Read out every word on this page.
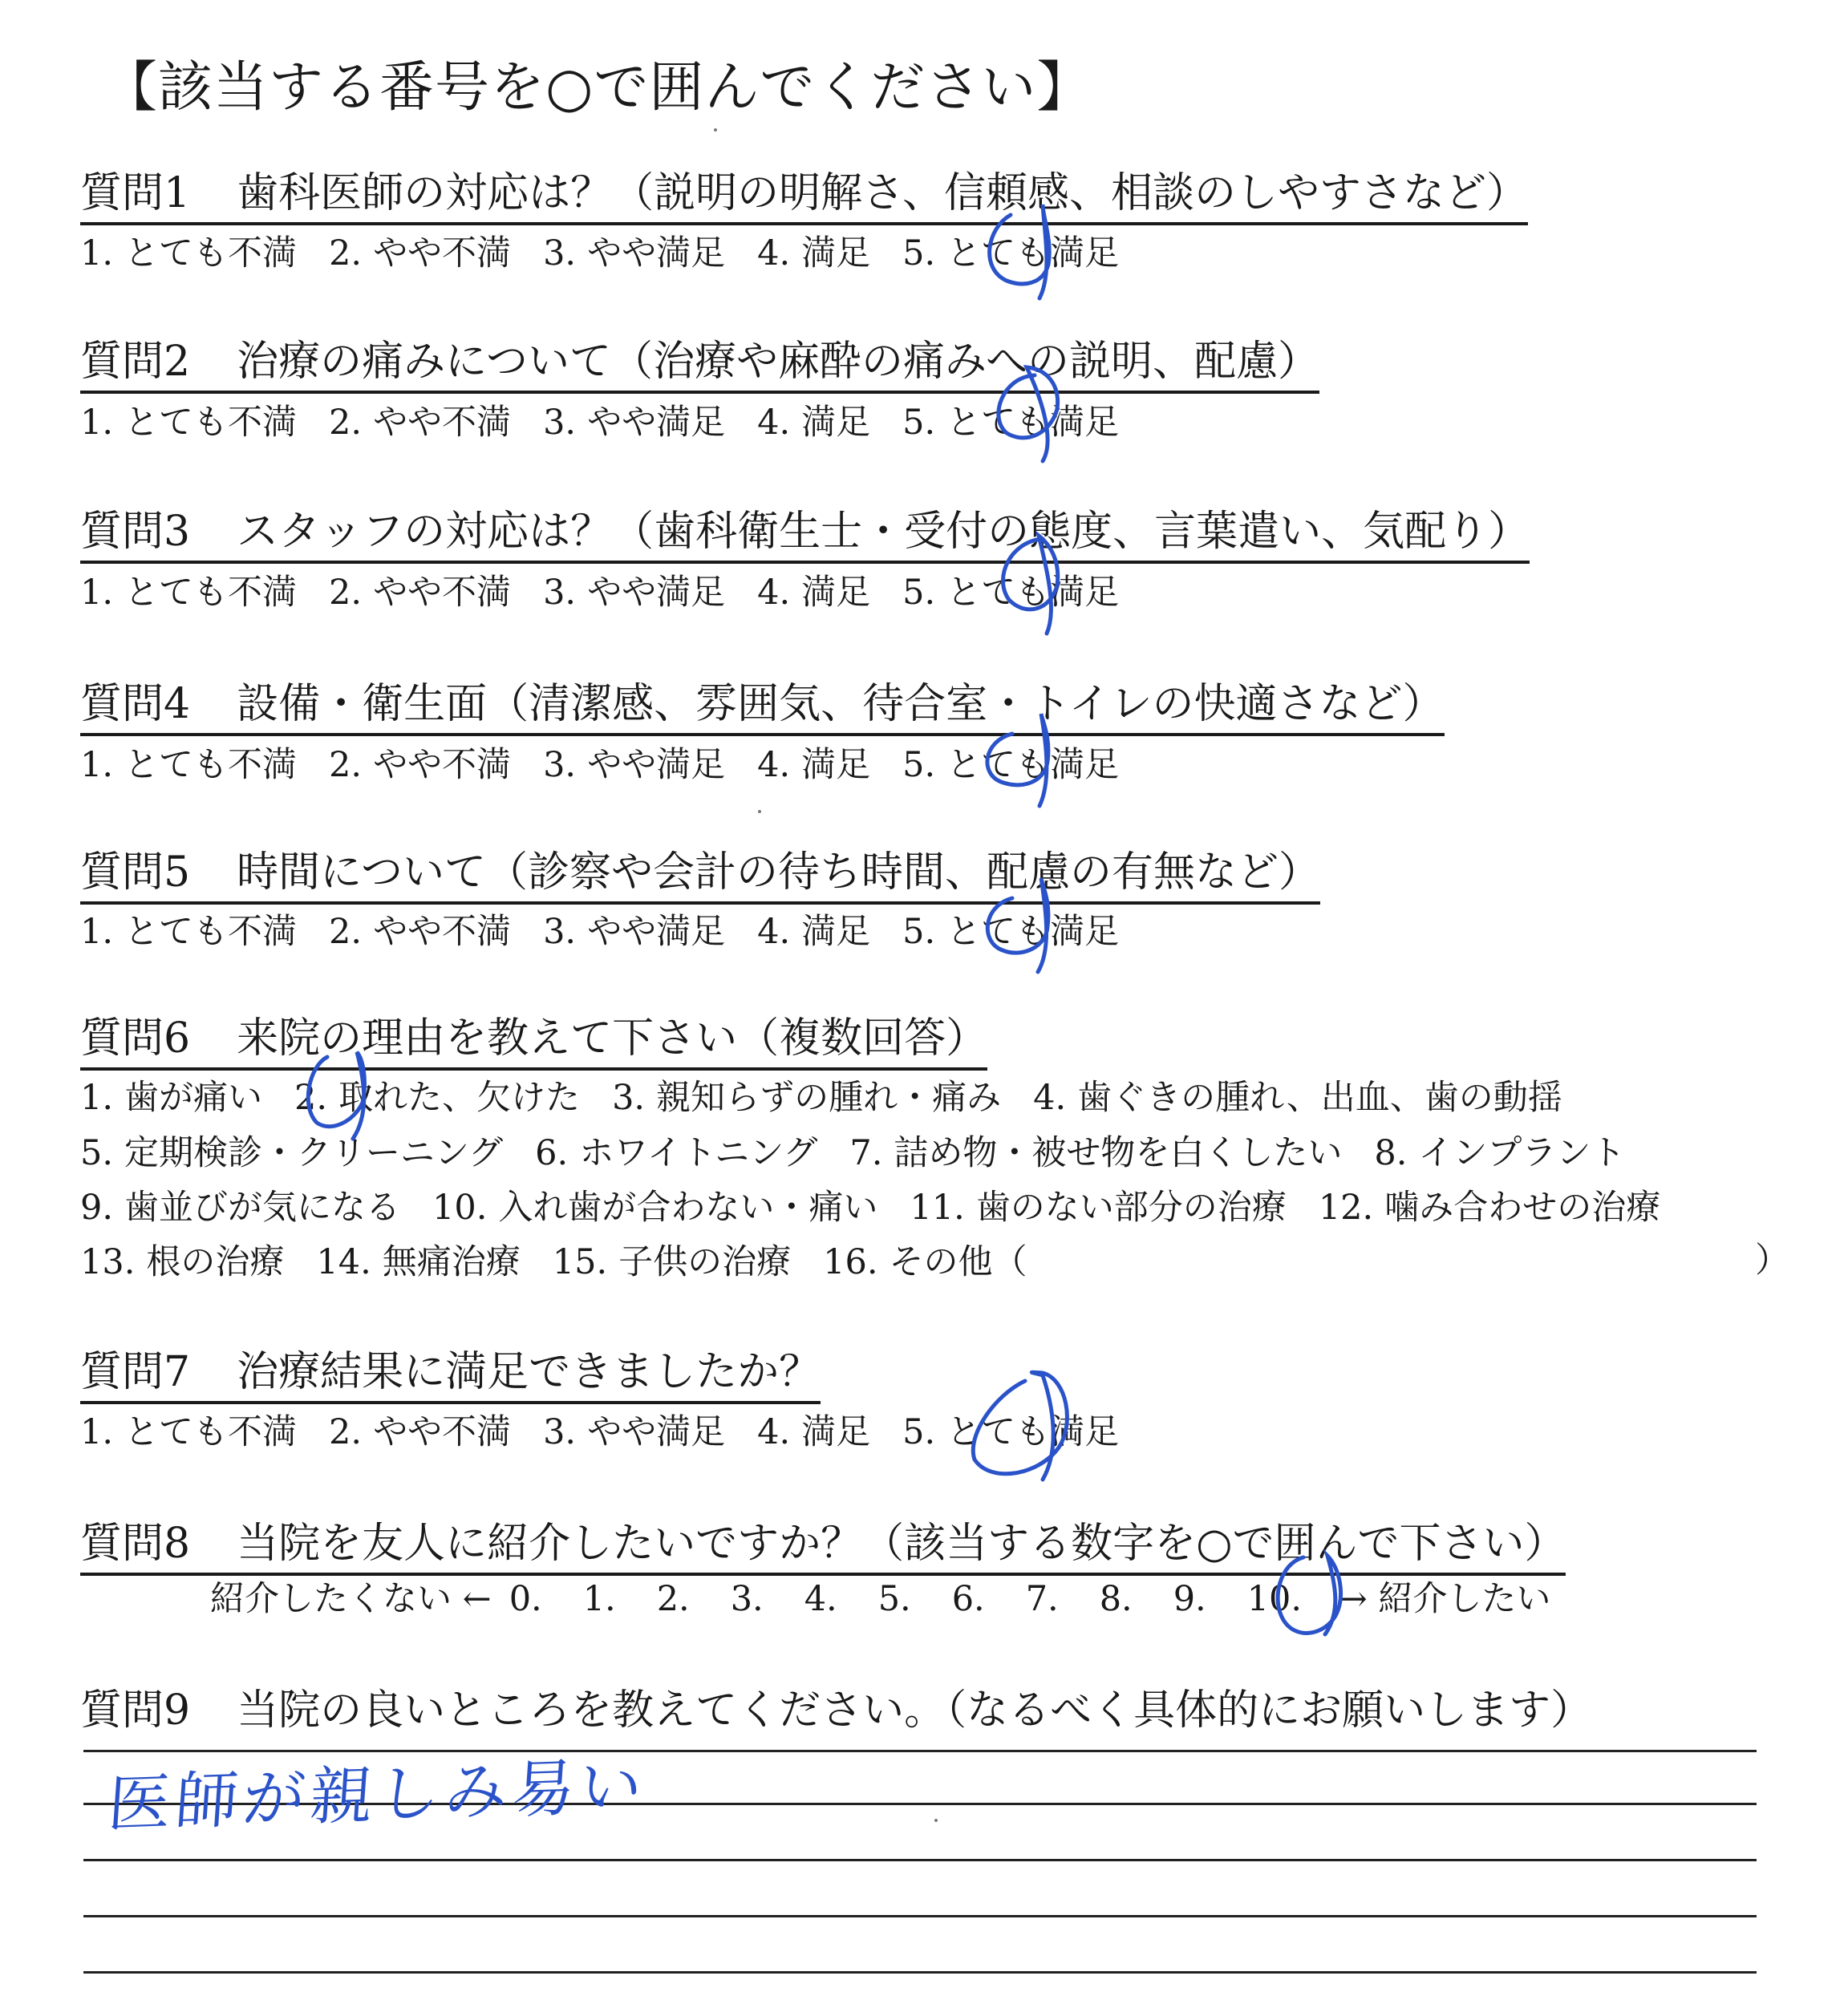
【該当する番号を○で囲んでください】
質問1 歯科医師の対応は？（説明の明解さ、信頼感、相談のしやすさなど）
1. とても不満 2. やや不満 3. やや満足 4. 満足 5. とても満足
質問2 治療の痛みについて（治療や麻酔の痛みへの説明、配慮）
1. とても不満 2. やや不満 3. やや満足 4. 満足 5. とても満足
質問3 スタッフの対応は？（歯科衛生士・受付の態度、言葉遣い、気配り）
1. とても不満 2. やや不満 3. やや満足 4. 満足 5. とても満足
質問4 設備・衛生面（清潔感、雰囲気、待合室・トイレの快適さなど）
1. とても不満 2. やや不満 3. やや満足 4. 満足 5. とても満足
質問5 時間について（診察や会計の待ち時間、配慮の有無など）
1. とても不満 2. やや不満 3. やや満足 4. 満足 5. とても満足
質問6 来院の理由を教えて下さい（複数回答）
1. 歯が痛い 2. 取れた、欠けた 3. 親知らずの腫れ・痛み 4. 歯ぐきの腫れ、出血、歯の動揺
5. 定期検診・クリーニング 6. ホワイトニング 7. 詰め物・被せ物を白くしたい 8. インプラント
9. 歯並びが気になる 10. 入れ歯が合わない・痛い 11. 歯のない部分の治療 12. 噛み合わせの治療
13. 根の治療 14. 無痛治療 15. 子供の治療 16. その他（	）
質問7 治療結果に満足できましたか？
1. とても不満 2. やや不満 3. やや満足 4. 満足 5. とても満足
質問8 当院を友人に紹介したいですか？（該当する数字を○で囲んで下さい）
紹介したくない ← 0. 1. 2. 3. 4. 5. 6. 7. 8. 9. 10. → 紹介したい
質問9 当院の良いところを教えてください。（なるべく具体的にお願いします）
医師が親しみ易い
